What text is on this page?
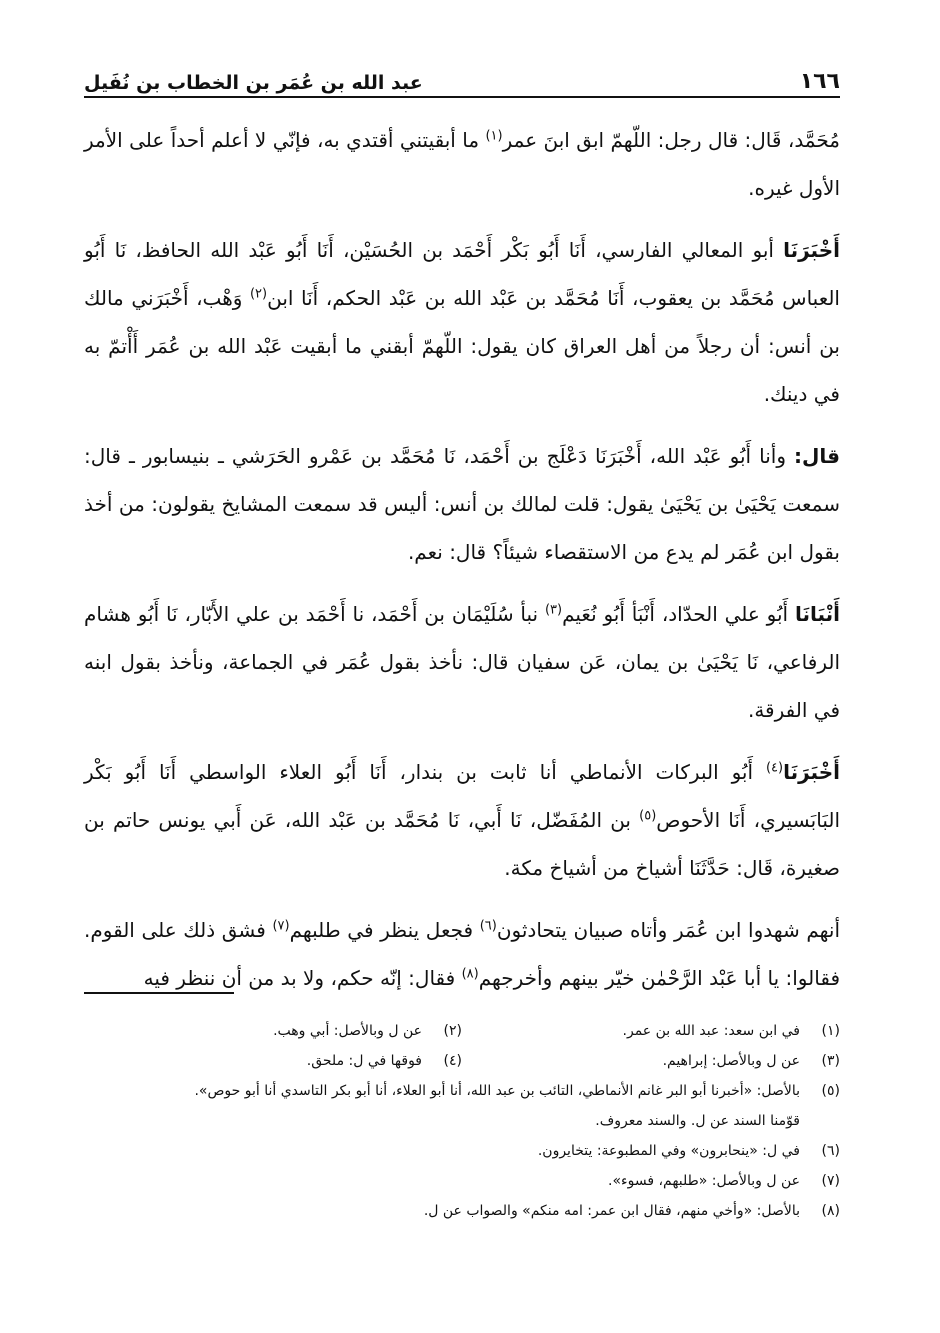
١٦٦
عبد الله بن عُمَر بن الخطاب بن نُفَيل

مُحَمَّد، قَال: قال رجل: اللّهمّ ابق ابنَ عمر$^{(١)}$ ما أبقيتني أقتدي به، فإنّي لا أعلم أحداً على الأمر الأول غيره.

أَخْبَرَنَا أبو المعالي الفارسي، أَنَا أَبُو بَكْر أَحْمَد بن الحُسَيْن، أَنَا أَبُو عَبْد الله الحافظ، نَا أَبُو العباس مُحَمَّد بن يعقوب، أَنَا مُحَمَّد بن عَبْد الله بن عَبْد الحكم، أَنَا ابن$^{(٢)}$ وَهْب، أَخْبَرَني مالك بن أنس: أن رجلاً من أهل العراق كان يقول: اللّهمّ أبقني ما أبقيت عَبْد الله بن عُمَر أَأْتمّ به في دينك.

قال: وأنا أَبُو عَبْد الله، أَخْبَرَنَا دَعْلَج بن أَحْمَد، نَا مُحَمَّد بن عَمْرو الحَرَشي ـ بنيسابور ـ قال: سمعت يَحْيَىٰ بن يَحْيَىٰ يقول: قلت لمالك بن أنس: أليس قد سمعت المشايخ يقولون: من أخذ بقول ابن عُمَر لم يدع من الاستقصاء شيئاً؟ قال: نعم.

أَنْبَانَا أَبُو علي الحدّاد، أَنْبَأ أَبُو نُعَيم$^{(٣)}$ نبأ سُلَيْمَان بن أَحْمَد، نا أَحْمَد بن علي الأَبّار، نَا أَبُو هشام الرفاعي، نَا يَحْيَىٰ بن يمان، عَن سفيان قال: نأخذ بقول عُمَر في الجماعة، ونأخذ بقول ابنه في الفرقة.

أَخْبَرَنَا$^{(٤)}$ أَبُو البركات الأنماطي أنا ثابت بن بندار، أَنَا أَبُو العلاء الواسطي أَنَا أَبُو بَكْر البَابَسيري، أَنَا الأحوص$^{(٥)}$ بن المُفَضّل، نَا أَبي، نَا مُحَمَّد بن عَبْد الله، عَن أَبي يونس حاتم بن صغيرة، قَال: حَدَّثَنَا أشياخ من أشياخ مكة.

أنهم شهدوا ابن عُمَر وأتاه صبيان يتحادثون$^{(٦)}$ فجعل ينظر في طلبهم$^{(٧)}$ فشق ذلك على القوم. فقالوا: يا أبا عَبْد الرَّحْمٰن خيّر بينهم وأخرجهم$^{(٨)}$ فقال: إنّه حكم، ولا بد من أن ننظر فيه

(١)
في ابن سعد: عبد الله بن عمر.
(٢)
عن ل وبالأصل: أبي وهب.
(٣)
عن ل وبالأصل: إبراهيم.
(٤)
فوقها في ل: ملحق.
(٥)
بالأصل: «أخبرنا أبو البر غانم الأنماطي، التائب بن عبد الله، أنا أبو العلاء، أنا أبو بكر التاسدي أنا أبو حوص».
قوّمنا السند عن ل. والسند معروف.
(٦)
في ل: «ينحابرون» وفي المطبوعة: يتخايرون.
(٧)
عن ل وبالأصل: «طلبهم، فسوء».
(٨)
بالأصل: «وأخي منهم، فقال ابن عمر: امه منكم» والصواب عن ل.
